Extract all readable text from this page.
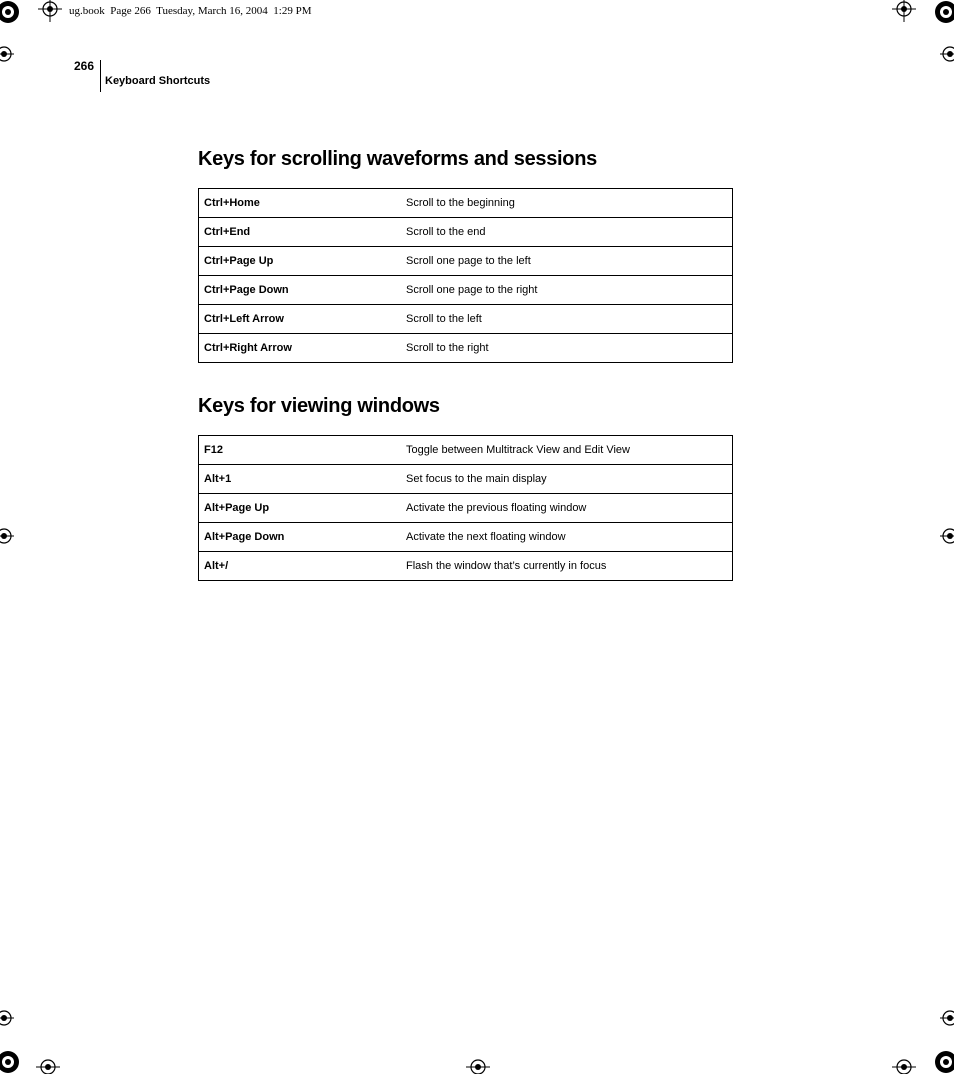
ug.book  Page 266  Tuesday, March 16, 2004  1:29 PM
266
Keyboard Shortcuts
Keys for scrolling waveforms and sessions
Ctrl+Home	Scroll to the beginning
Ctrl+End	Scroll to the end
Ctrl+Page Up	Scroll one page to the left
Ctrl+Page Down	Scroll one page to the right
Ctrl+Left Arrow	Scroll to the left
Ctrl+Right Arrow	Scroll to the right
Keys for viewing windows
F12	Toggle between Multitrack View and Edit View
Alt+1	Set focus to the main display
Alt+Page Up	Activate the previous floating window
Alt+Page Down	Activate the next floating window
Alt+/	Flash the window that’s currently in focus
